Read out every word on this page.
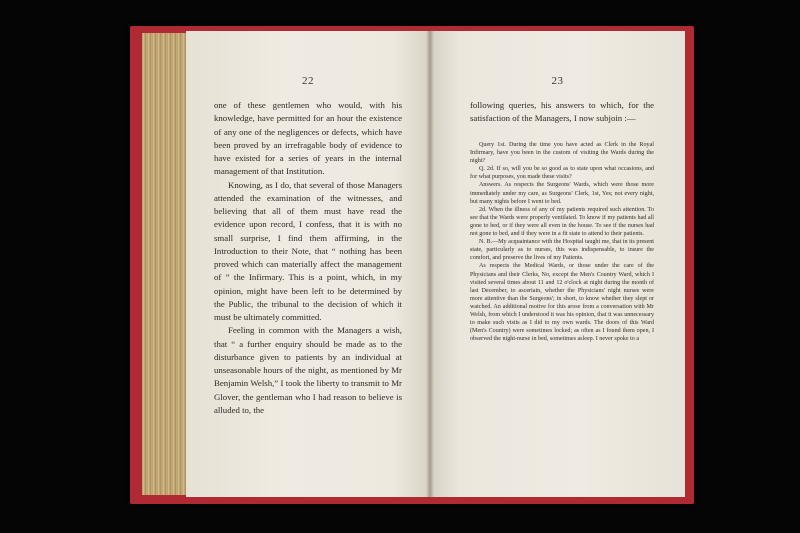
22

one of these gentlemen who would, with his knowledge, have permitted for an hour the existence of any one of the negligences or defects, which have been proved by an irrefragable body of evidence to have existed for a series of years in the internal management of that Institution.

Knowing, as I do, that several of those Managers attended the examination of the witnesses, and believing that all of them must have read the evidence upon record, I confess, that it is with no small surprise, I find them affirming, in the Introduction to their Note, that “ nothing has been proved which can materially affect the management of ” the Infirmary. This is a point, which, in my opinion, might have been left to be determined by the Public, the tribunal to the decision of which it must be ultimately committed.

Feeling in common with the Managers a wish, that “ a further enquiry should be made as to the disturbance given to patients by an individual at unseasonable hours of the night, as mentioned by Mr Benjamin Welsh,” I took the liberty to transmit to Mr Glover, the gentleman who I had reason to believe is alluded to, the

23

following queries, his answers to which, for the satisfaction of the Managers, I now subjoin :—

Query 1st. During the time you have acted as Clerk in the Royal Infirmary, have you been in the custom of visiting the Wards during the night?

Q. 2d. If so, will you be so good as to state upon what occasions, and for what purposes, you made these visits?

Answers. As respects the Surgeons' Wards, which were those more immediately under my care, as Surgeons' Clerk, 1st, Yes; not every night, but many nights before I went to bed.

2d. When the illness of any of my patients required such attention. To see that the Wards were properly ventilated. To know if my patients had all gone to bed, or if they were all even in the house. To see if the nurses had not gone to bed, and if they were in a fit state to attend to their patients.

N. B.—My acquaintance with the Hospital taught me, that in its present state, particularly as to nurses, this was indispensable, to insure the comfort, and preserve the lives of my Patients.

As respects the Medical Wards, or those under the care of the Physicians and their Clerks, No, except the Men's Country Ward, which I visited several times about 11 and 12 o'clock at night during the month of last December, to ascertain, whether the Physicians' night nurses were more attentive than the Surgeons'; in short, to know whether they slept or watched. An additional motive for this arose from a conversation with Mr Welsh, from which I understood it was his opinion, that it was unnecessary to make such visits as I did to my own wards. The doors of this Ward (Men's Country) were sometimes locked; as often as I found them open, I observed the night-nurse in bed, sometimes asleep. I never spoke to a
